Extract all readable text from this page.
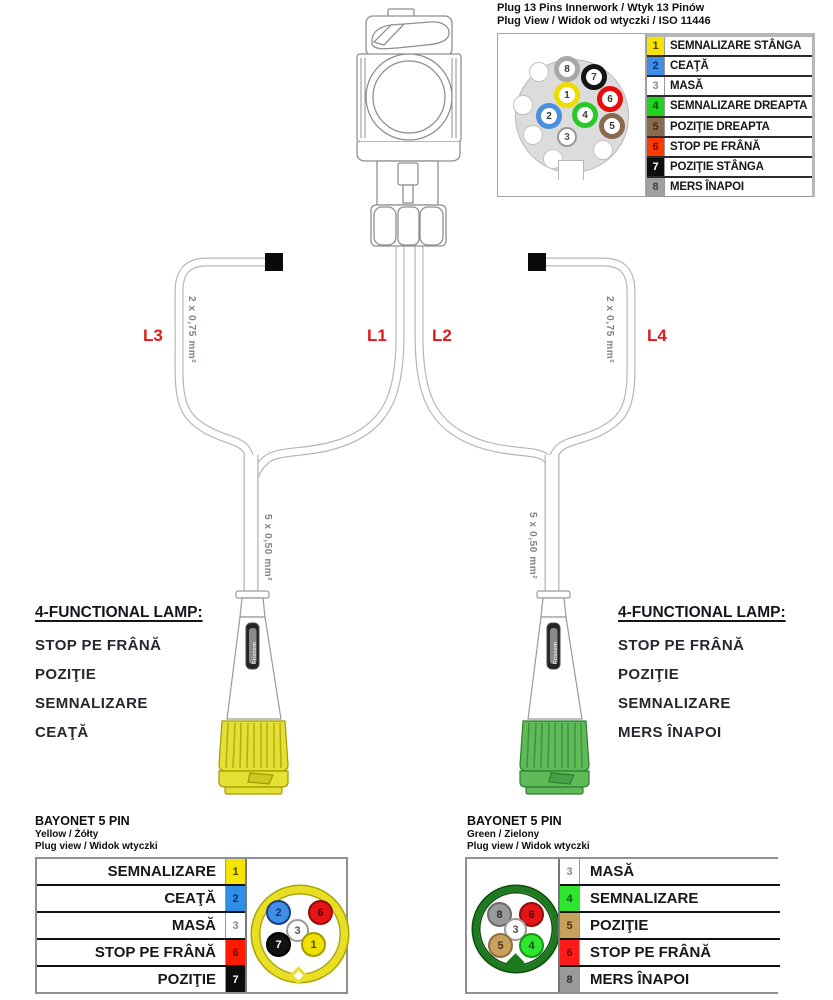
Fristom	Fristom
Plug 13 Pins Innerwork / Wtyk 13 Pinów
Plug View / Widok od wtyczki / ISO 11446
8
7
1	6
2	4
5
3
1 SEMNALIZARE STÂNGA
2 CEAŢĂ
3 MASĂ
4 SEMNALIZARE DREAPTA
5 POZIŢIE DREAPTA
6 STOP PE FRÂNĂ
7 POZIŢIE STÂNGA
8 MERS ÎNAPOI
L3	L1	L2	L4
2 x 0,75 mm²	2 x 0,75 mm²
5 x 0,50 mm²	5 x 0,50 mm²
4-FUNCTIONAL LAMP:
STOP PE FRÂNĂ
POZIŢIE
SEMNALIZARE
CEAŢĂ
4-FUNCTIONAL LAMP:
STOP PE FRÂNĂ
POZIŢIE
SEMNALIZARE
MERS ÎNAPOI
BAYONET 5 PIN
Yellow / Żółty
Plug view / Widok wtyczki
SEMNALIZARE	1
CEAŢĂ	2
MASĂ	3
STOP PE FRÂNĂ	6
POZIŢIE	7
2	6
3
7	1
BAYONET 5 PIN
Green / Zielony
Plug view / Widok wtyczki
8 6
3
5 4
3	MASĂ
4	SEMNALIZARE
5	POZIŢIE
6	STOP PE FRÂNĂ
8	MERS ÎNAPOI
